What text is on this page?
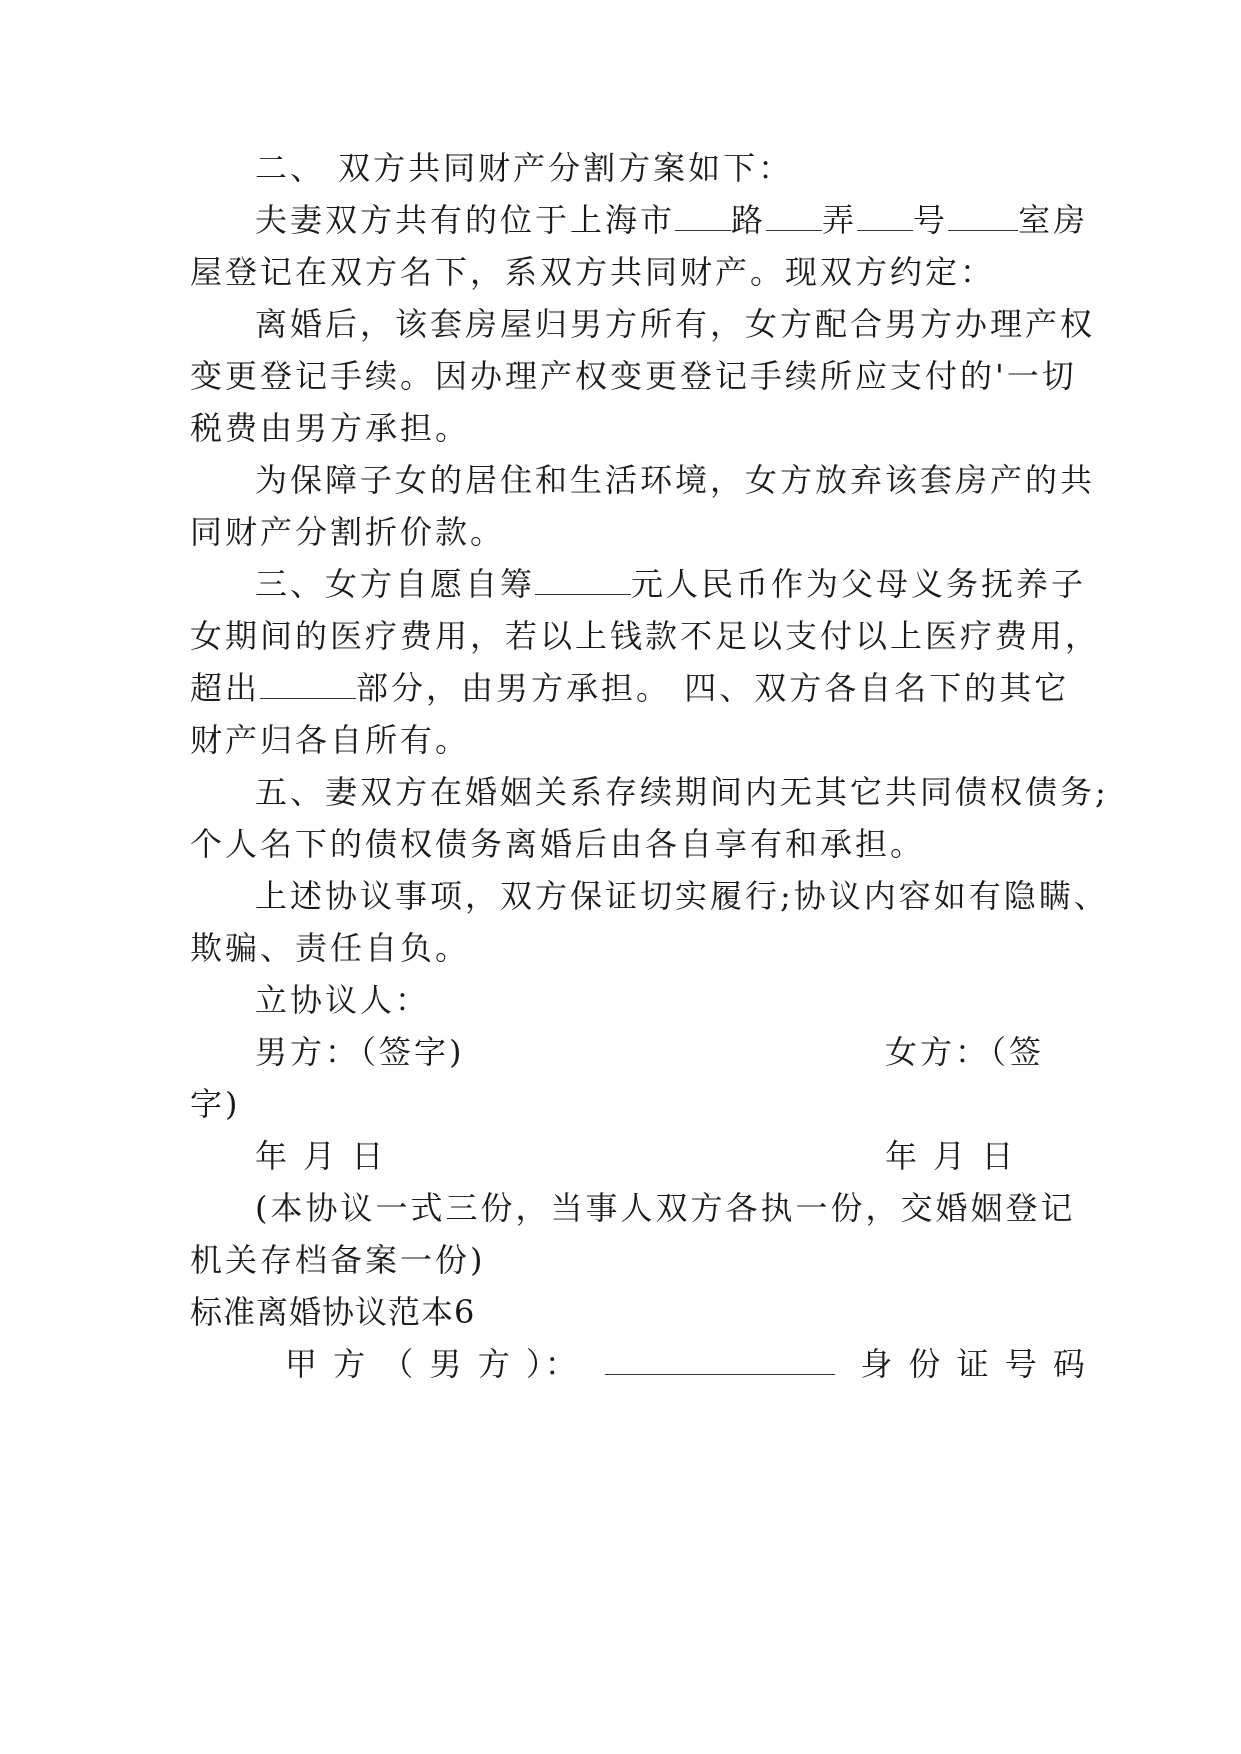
二、 双方共同财产分割方案如下：
夫妻双方共有的位于上海市 路 弄 号 室房
屋登记在双方名下，系双方共同财产。现双方约定：
离婚后，该套房屋归男方所有，女方配合男方办理产权
变更登记手续。因办理产权变更登记手续所应支付的'一切
税费由男方承担。
为保障子女的居住和生活环境，女方放弃该套房产的共
同财产分割折价款。
三、女方自愿自筹	元人民币作为父母义务抚养子
女期间的医疗费用，若以上钱款不足以支付以上医疗费用，
超出	部分，由男方承担。 四、双方各自名下的其它
财产归各自所有。
五、妻双方在婚姻关系存续期间内无其它共同债权债务;
个人名下的债权债务离婚后由各自享有和承担。
上述协议事项，双方保证切实履行;协议内容如有隐瞒、
欺骗、责任自负。
立协议人：
男方：（签字)	女方：（签
字)
年 月 日	年 月 日
(本协议一式三份，当事人双方各执一份，交婚姻登记
机关存档备案一份)
标准离婚协议范本6
甲 方 （ 男 方 ）：	身 份 证 号 码
